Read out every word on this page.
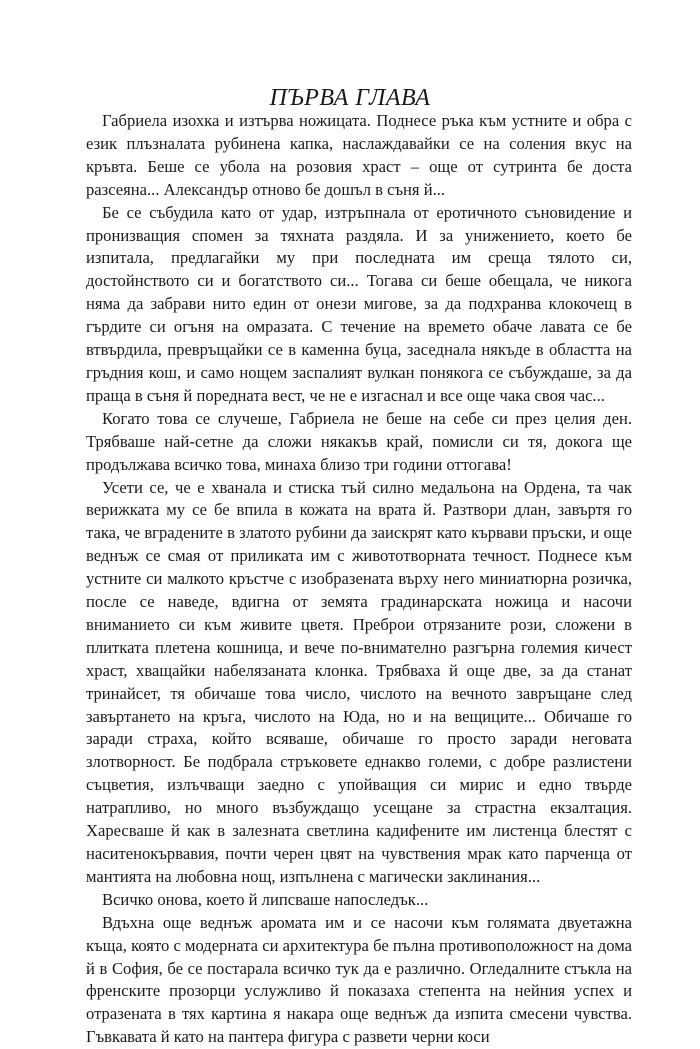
ПЪРВА ГЛАВА

Габриела изохка и изтърва ножицата. Поднесе ръка към устните и обра с език плъзналата рубинена капка, наслаждавайки се на соления вкус на кръвта. Беше се убола на розовия храст – още от сутринта бе доста разсеяна... Александър отново бе дошъл в съня й...

Бе се събудила като от удар, изтръпнала от еротичното съновидение и пронизващия спомен за тяхната раздяла. И за унижението, което бе изпитала, предлагайки му при последната им среща тялото си, достойнството си и богатството си... Тогава си беше обещала, че никога няма да забрави нито един от онези мигове, за да подхранва клокочещ в гърдите си огъня на омразата. С течение на времето обаче лавата се бе втвърдила, превръщайки се в каменна буца, заседнала някъде в областта на гръдния кош, и само нощем заспалият вулкан понякога се събуждаше, за да праща в съня й поредната вест, че не е изгаснал и все още чака своя час...

Когато това се случеше, Габриела не беше на себе си през целия ден. Трябваше най-сетне да сложи някакъв край, помисли си тя, докога ще продължава всичко това, минаха близо три години оттогава!

Усети се, че е хванала и стиска тъй силно медальона на Ордена, та чак верижката му се бе впила в кожата на врата й. Разтвори длан, завъртя го така, че вградените в златото рубини да заискрят като кървави пръски, и още веднъж се смая от приликата им с живототворната течност. Поднесе към устните си малкото кръстче с изобразената върху него миниатюрна розичка, после се наведе, вдигна от земята градинарската ножица и насочи вниманието си към живите цветя. Преброи отрязаните рози, сложени в плитката плетена кошница, и вече по-внимателно разгърна големия кичест храст, хващайки набелязаната клонка. Трябваха й още две, за да станат тринайсет, тя обичаше това число, числото на вечното завръщане след завъртането на кръга, числото на Юда, но и на вещиците... Обичаше го заради страха, който всяваше, обичаше го просто заради неговата злотворност. Бе подбрала стръковете еднакво големи, с добре разлистени съцветия, излъчващи заедно с упойващия си мирис и едно твърде натрапливо, но много възбуждащо усещане за страстна екзалтация. Харесваше й как в залезната светлина кадифените им листенца блестят с наситенокървавия, почти черен цвят на чувствения мрак като парченца от мантията на любовна нощ, изпълнена с магически заклинания...

Всичко онова, което й липсваше напоследък...

Вдъхна още веднъж аромата им и се насочи към голямата двуетажна къща, която с модерната си архитектура бе пълна противоположност на дома й в София, бе се постарала всичко тук да е различно. Огледалните стъкла на френските прозорци услужливо й показаха степента на нейния успех и отразената в тях картина я накара още веднъж да изпита смесени чувства. Гъвкавата й като на пантера фигура с развети черни коси
